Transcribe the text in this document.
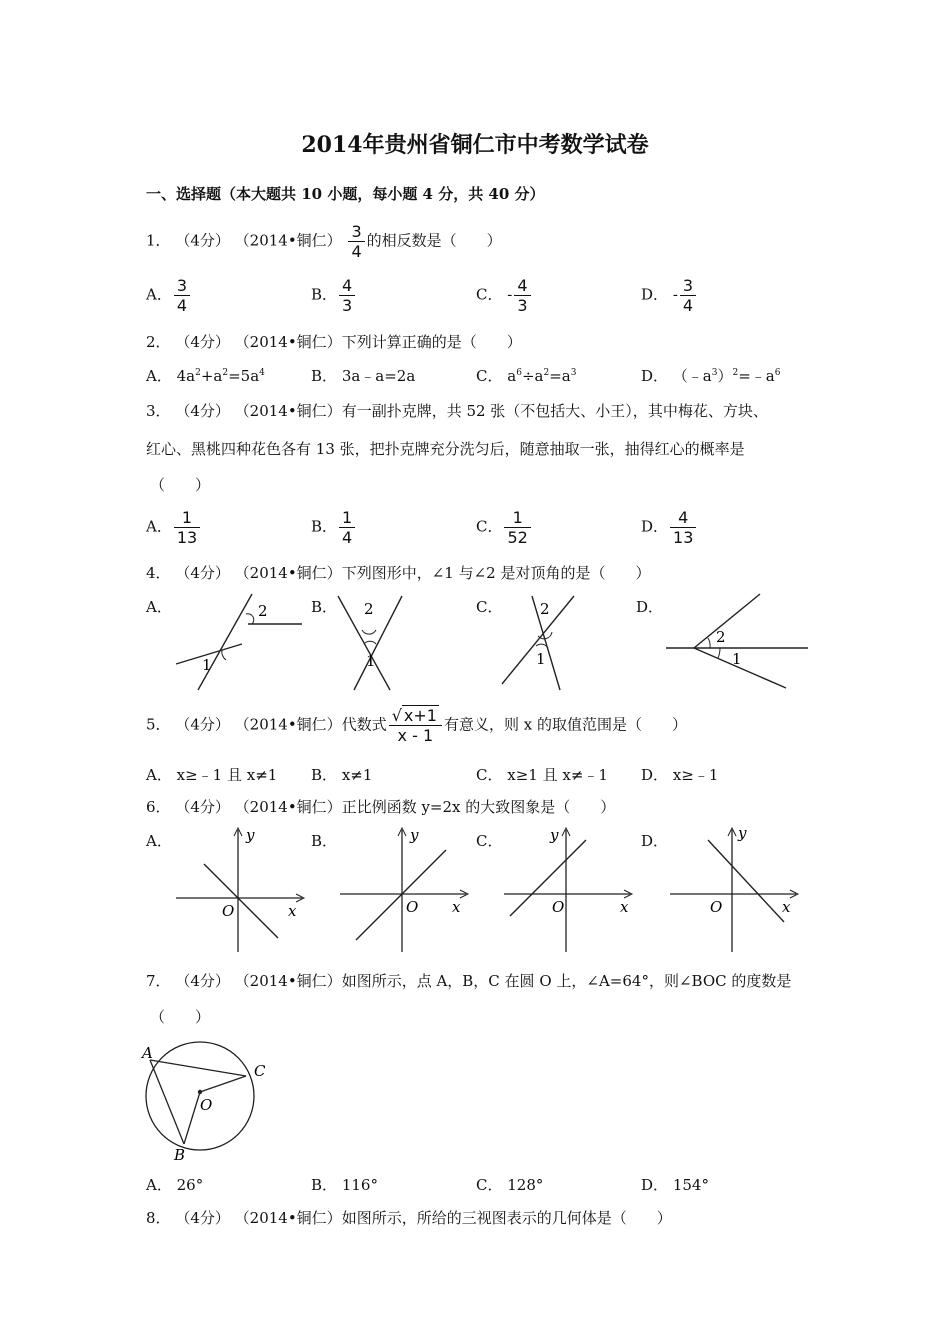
2014年贵州省铜仁市中考数学试卷
一、选择题（本大题共 10 小题，每小题 4 分，共 40 分）
1． （4分） （2014•铜仁） $\frac{3}{4}$ 的相反数是（　　）
A． $\frac{3}{4}$	B． $\frac{4}{3}$	C． - $\frac{4}{3}$	D． - $\frac{3}{4}$
2． （4分） （2014•铜仁）下列计算正确的是（　　）
A． $4a^2+a^2=5a^4$	B． 3a﹣a=2a	C． $a^6\div a^2=a^3$	D． $(﹣a^3)^2=﹣a^6$
3． （4分） （2014•铜仁）有一副扑克牌，共 52 张（不包括大、小王），其中梅花、方块、
红心、黑桃四种花色各有 13 张，把扑克牌充分洗匀后，随意抽取一张，抽得红心的概率是
（　　）
A． $\frac{1}{13}$	B． $\frac{1}{4}$	C． $\frac{1}{52}$	D． $\frac{4}{13}$
4． （4分） （2014•铜仁）下列图形中，∠1 与∠2 是对顶角的是（　　）
A．	B．	C．	D．
2
1
2
1
2
1
2
1
5． （4分） （2014•铜仁）代数式 $\frac{√ x+1}{x - 1}$ 有意义，则 x 的取值范围是（　　）
A． x≥﹣1 且 x≠1 B． x≠1	C． x≥1 且 x≠﹣1 D． x≥﹣1
6． （4分） （2014•铜仁）正比例函数 y=2x 的大致图象是（　　）
A．	B．	C．	D．
y
x
O
y
x
O
y
x
O
y
x
O
7． （4分） （2014•铜仁）如图所示，点 A，B，C 在圆 O 上，∠A=64°，则∠BOC 的度数是
（　　）
A
C
B
O
A． 26°	B． 116°	C． 128°	D． 154°
8． （4分） （2014•铜仁）如图所示，所给的三视图表示的几何体是（　　）
